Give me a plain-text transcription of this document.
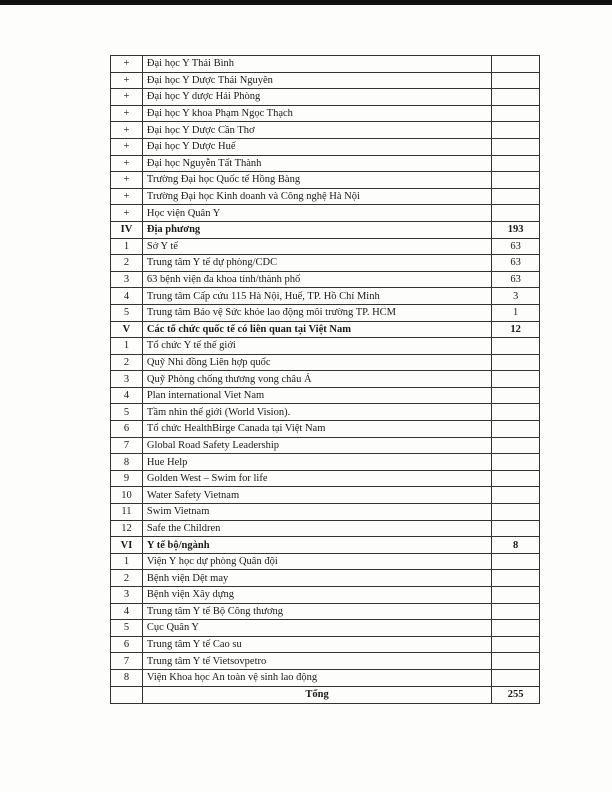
+	Đại học Y Thái Bình	
+	Đại học Y Dược Thái Nguyên	
+	Đại học Y dược Hải Phòng	
+	Đại học Y khoa Phạm Ngọc Thạch	
+	Đại học Y Dược Cần Thơ	
+	Đại học Y Dược Huế	
+	Đại học Nguyễn Tất Thành	
+	Trường Đại học Quốc tế Hồng Bàng	
+	Trường Đại học Kinh doanh và Công nghệ Hà Nội	
+	Học viện Quân Y	
IV	Địa phương	193
1	Sở Y tế	63
2	Trung tâm Y tế dự phòng/CDC	63
3	63 bệnh viện đa khoa tỉnh/thành phố	63
4	Trung tâm Cấp cứu 115 Hà Nội, Huế, TP. Hồ Chí Minh	3
5	Trung tâm Bảo vệ Sức khỏe lao động môi trường TP. HCM	1
V	Các tổ chức quốc tế có liên quan tại Việt Nam	12
1	Tổ chức Y tế thế giới	
2	Quỹ Nhi đồng Liên hợp quốc	
3	Quỹ Phòng chống thương vong châu Á	
4	Plan international Viet Nam	
5	Tầm nhìn thế giới (World Vision).	
6	Tổ chức HealthBirge Canada tại Việt Nam	
7	Global Road Safety Leadership	
8	Hue Help	
9	Golden West – Swim for life	
10	Water Safety Vietnam	
11	Swim Vietnam	
12	Safe the Children	
VI	Y tế bộ/ngành	8
1	Viện Y học dự phòng Quân đội	
2	Bệnh viện Dệt may	
3	Bệnh viện Xây dựng	
4	Trung tâm Y tế Bộ Công thương	
5	Cục Quân Y	
6	Trung tâm Y tế Cao su	
7	Trung tâm Y tế Vietsovpetro	
8	Viện Khoa học An toàn vệ sinh lao động	
	Tổng	255
